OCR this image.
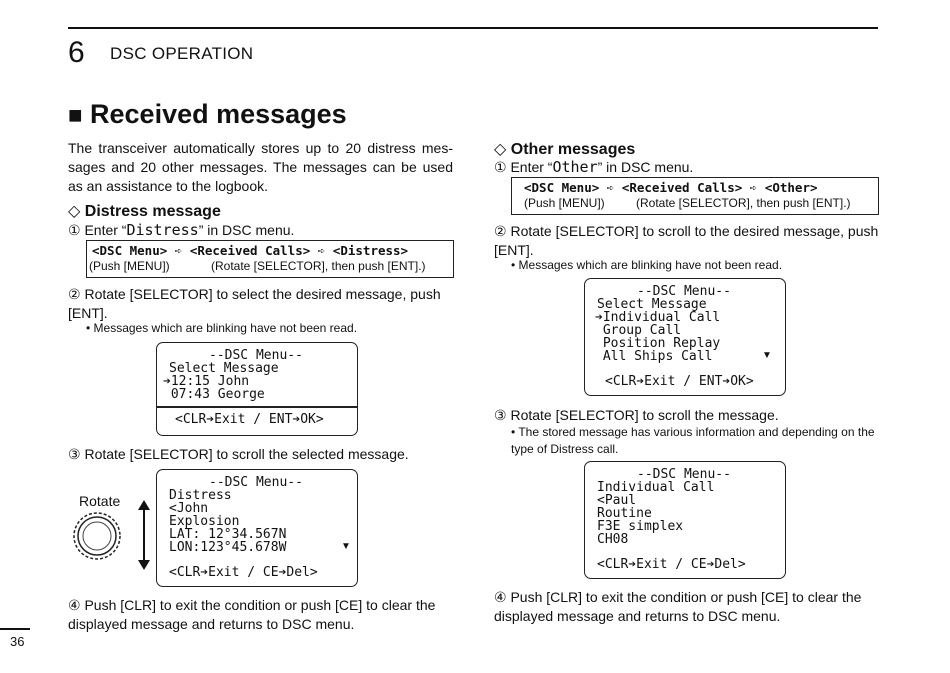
6 DSC OPERATION
■ Received messages
The transceiver automatically stores up to 20 distress mes-sages and 20 other messages. The messages can be used as an assistance to the logbook.
◇ Distress message
① Enter “Distress” in DSC menu.
<DSC Menu> ➪ <Received Calls> ➪ <Distress>
(Push [MENU])	(Rotate [SELECTOR], then push [ENT].)
② Rotate [SELECTOR] to select the desired message, push [ENT].
• Messages which are blinking have not been read.
--DSC Menu--
Select Message
➔12:15 John
07:43 George
<CLR➔Exit / ENT➔OK>
③ Rotate [SELECTOR] to scroll the selected message.
Rotate
--DSC Menu--
Distress
<John
Explosion
LAT: 12°34.567N
LON:123°45.678W	▼
<CLR➔Exit / CE➔Del>
④ Push [CLR] to exit the condition or push [CE] to clear the displayed message and returns to DSC menu.
◇ Other messages
① Enter “Other” in DSC menu.
<DSC Menu> ➪ <Received Calls> ➪ <Other>
(Push [MENU])	(Rotate [SELECTOR], then push [ENT].)
② Rotate [SELECTOR] to scroll to the desired message, push [ENT].
• Messages which are blinking have not been read.
--DSC Menu--
Select Message
➔Individual Call
Group Call
Position Replay
All Ships Call	▼
<CLR➔Exit / ENT➔OK>
③ Rotate [SELECTOR] to scroll the message.
• The stored message has various information and depending on the type of Distress call.
--DSC Menu--
Individual Call
<Paul
Routine
F3E simplex
CH08
<CLR➔Exit / CE➔Del>
④ Push [CLR] to exit the condition or push [CE] to clear the displayed message and returns to DSC menu.
36
